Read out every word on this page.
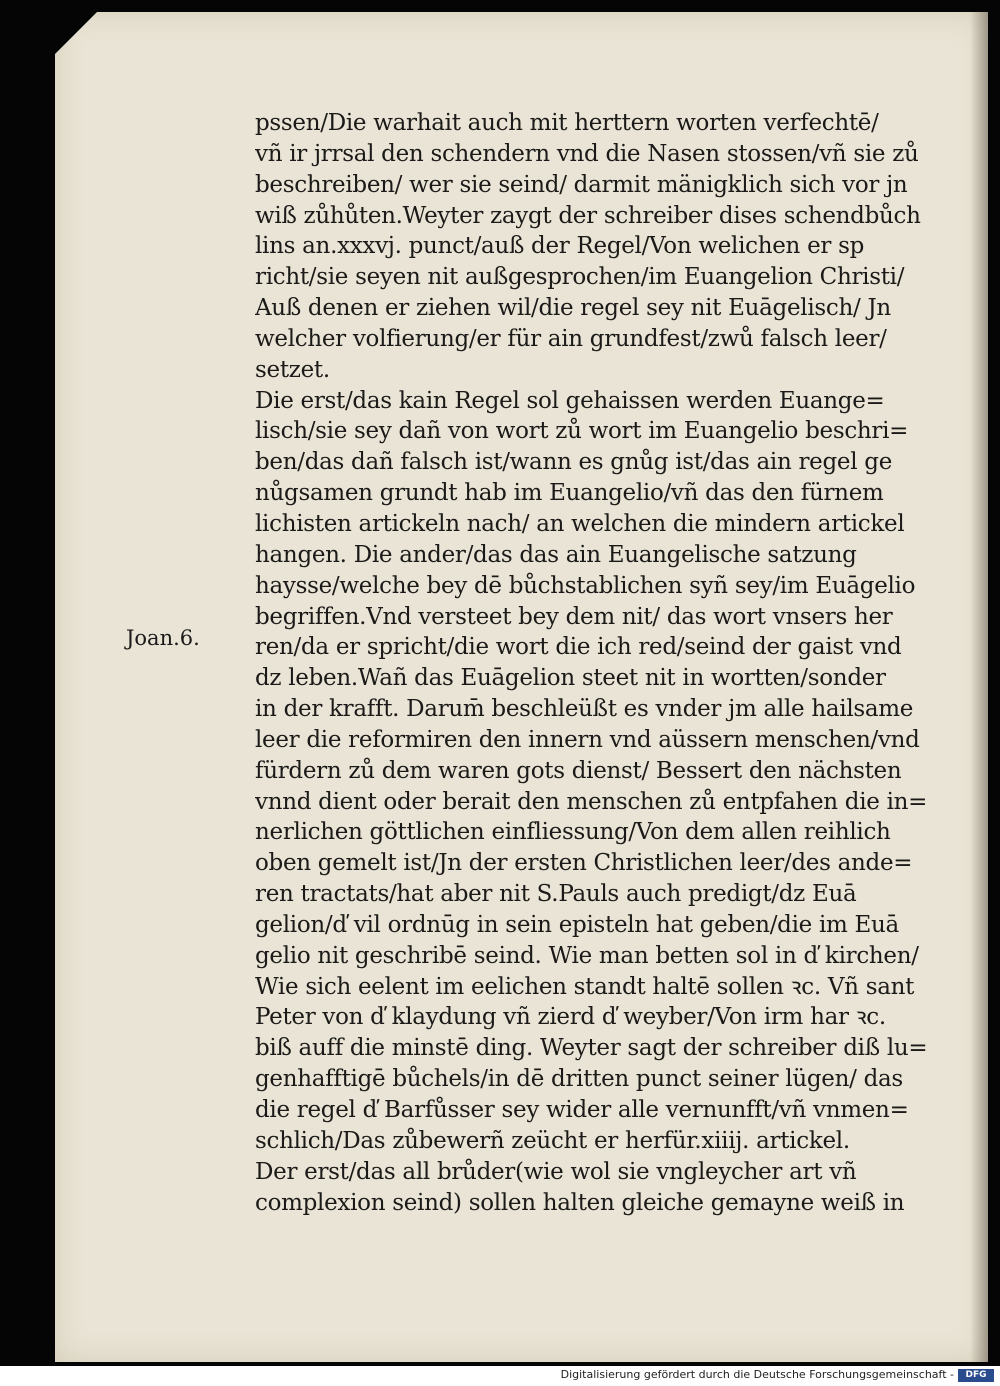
Joan.6.
pssen/Die warhait auch mit herttern worten verfechtē/
vñ ir jrrsal den schendern vnd die Nasen stossen/vñ sie zů
beschreiben/ wer sie seind/ darmit mänigklich sich vor jn
wiß zůhůten.Weyter zaygt der schreiber dises schendbůch
lins an.xxxvj. punct/auß der Regel/Von welichen er sp
richt/sie seyen nit außgesprochen/im Euangelion Christi/
Auß denen er ziehen wil/die regel sey nit Euāgelisch/ Jn
welcher volfierung/er für ain grundfest/zwů falsch leer/
setzet.
Die erst/das kain Regel sol gehaissen werden Euange=
lisch/sie sey dañ von wort zů wort im Euangelio beschri=
ben/das dañ falsch ist/wann es gnůg ist/das ain regel ge
nůgsamen grundt hab im Euangelio/vñ das den fürnem
lichisten artickeln nach/ an welchen die mindern artickel
hangen. Die ander/das das ain Euangelische satzung
haysse/welche bey dē bůchstablichen syñ sey/im Euāgelio
begriffen.Vnd versteet bey dem nit/ das wort vnsers her
ren/da er spricht/die wort die ich red/seind der gaist vnd
dz leben.Wañ das Euāgelion steet nit in wortten/sonder
in der krafft. Darum̄ beschleüßt es vnder jm alle hailsame
leer die reformiren den innern vnd aüssern menschen/vnd
fürdern zů dem waren gots dienst/ Bessert den nächsten
vnnd dient oder berait den menschen zů entpfahen die in=
nerlichen göttlichen einfliessung/Von dem allen reihlich
oben gemelt ist/Jn der ersten Christlichen leer/des ande=
ren tractats/hat aber nit S.Pauls auch predigt/dz Euā
gelion/ď vil ordnūg in sein episteln hat geben/die im Euā
gelio nit geschribē seind. Wie man betten sol in ď kirchen/
Wie sich eelent im eelichen standt haltē sollen ꝛc. Vñ sant
Peter von ď klaydung vñ zierd ď weyber/Von irm har ꝛc.
biß auff die minstē ding. Weyter sagt der schreiber diß lu=
genhafftigē bůchels/in dē dritten punct seiner lügen/ das
die regel ď Barfůsser sey wider alle vernunfft/vñ vnmen=
schlich/Das zůbewerñ zeücht er herfür.xiiij. artickel.
Der erst/das all brůder(wie wol sie vngleycher art vñ
complexion seind) sollen halten gleiche gemayne weiß in
Digitalisierung gefördert durch die Deutsche Forschungsgemeinschaft -	DFG
